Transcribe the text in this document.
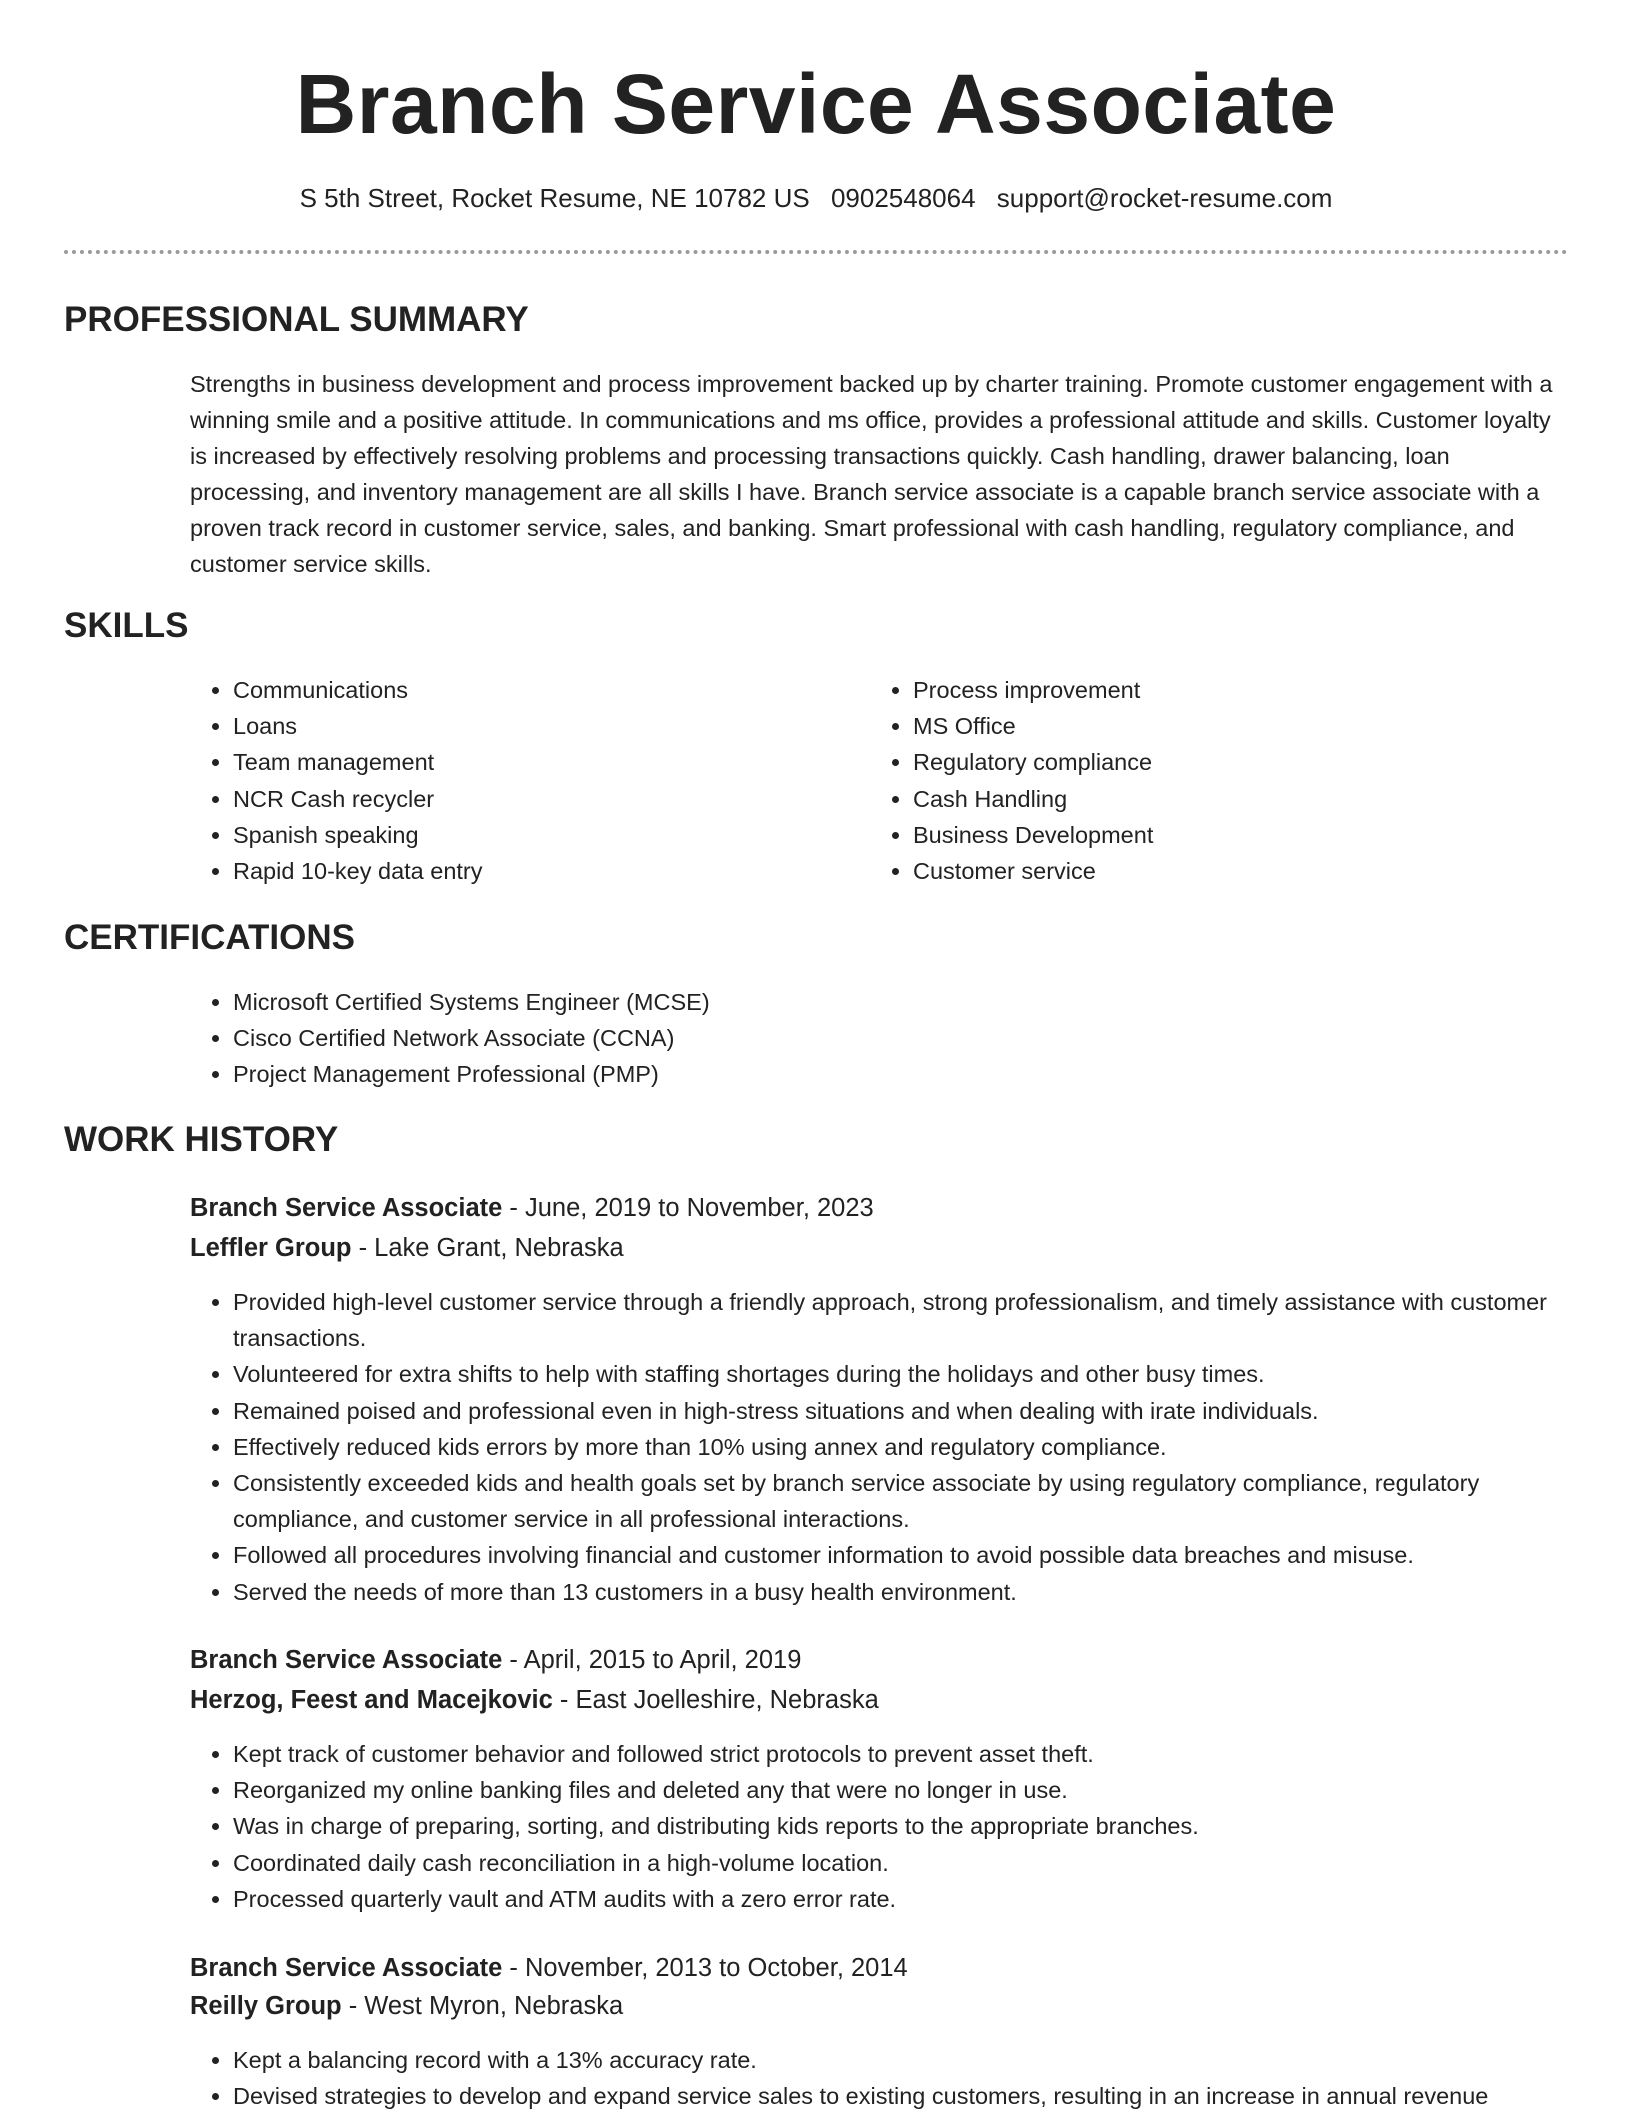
Branch Service Associate
S 5th Street, Rocket Resume, NE 10782 US 0902548064 support@rocket-resume.com
PROFESSIONAL SUMMARY

Strengths in business development and process improvement backed up by charter training. Promote customer engagement with a winning smile and a positive attitude. In communications and ms office, provides a professional attitude and skills. Customer loyalty is increased by effectively resolving problems and processing transactions quickly. Cash handling, drawer balancing, loan processing, and inventory management are all skills I have. Branch service associate is a capable branch service associate with a proven track record in customer service, sales, and banking. Smart professional with cash handling, regulatory compliance, and customer service skills.

SKILLS
• Communications
• Loans
• Team management
• NCR Cash recycler
• Spanish speaking
• Rapid 10-key data entry
• Process improvement
• MS Office
• Regulatory compliance
• Cash Handling
• Business Development
• Customer service
CERTIFICATIONS
• Microsoft Certified Systems Engineer (MCSE)
• Cisco Certified Network Associate (CCNA)
• Project Management Professional (PMP)
WORK HISTORY
Branch Service Associate - June, 2019 to November, 2023
Leffler Group - Lake Grant, Nebraska
• Provided high-level customer service through a friendly approach, strong professionalism, and timely assistance with customer transactions.
• Volunteered for extra shifts to help with staffing shortages during the holidays and other busy times.
• Remained poised and professional even in high-stress situations and when dealing with irate individuals.
• Effectively reduced kids errors by more than 10% using annex and regulatory compliance.
• Consistently exceeded kids and health goals set by branch service associate by using regulatory compliance, regulatory compliance, and customer service in all professional interactions.
• Followed all procedures involving financial and customer information to avoid possible data breaches and misuse.
• Served the needs of more than 13 customers in a busy health environment.
Branch Service Associate - April, 2015 to April, 2019
Herzog, Feest and Macejkovic - East Joelleshire, Nebraska
• Kept track of customer behavior and followed strict protocols to prevent asset theft.
• Reorganized my online banking files and deleted any that were no longer in use.
• Was in charge of preparing, sorting, and distributing kids reports to the appropriate branches.
• Coordinated daily cash reconciliation in a high-volume location.
• Processed quarterly vault and ATM audits with a zero error rate.
Branch Service Associate - November, 2013 to October, 2014
Reilly Group - West Myron, Nebraska
• Kept a balancing record with a 13% accuracy rate.
• Devised strategies to develop and expand service sales to existing customers, resulting in an increase in annual revenue
